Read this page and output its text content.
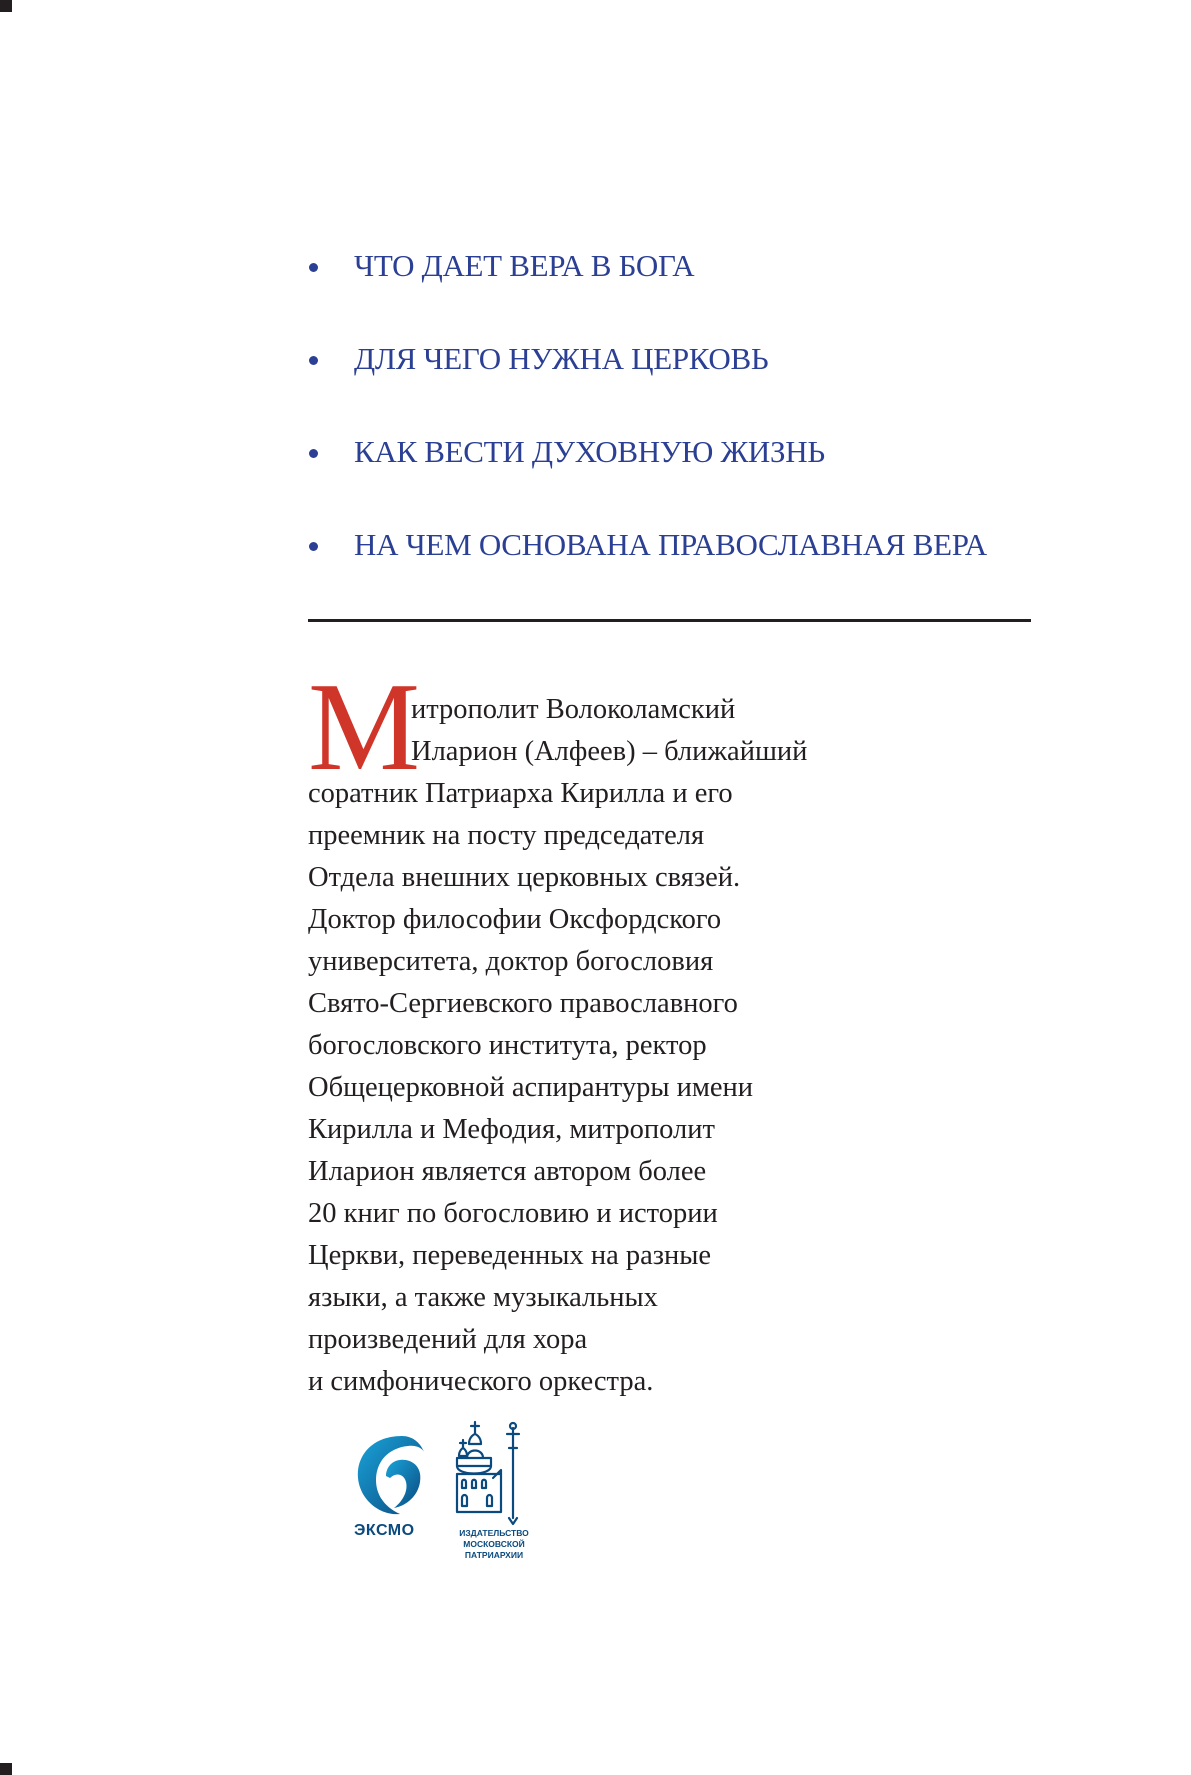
ЧТО ДАЕТ ВЕРА В БОГА
ДЛЯ ЧЕГО НУЖНА ЦЕРКОВЬ
КАК ВЕСТИ ДУХОВНУЮ ЖИЗНЬ
НА ЧЕМ ОСНОВАНА ПРАВОСЛАВНАЯ ВЕРА
М
итрополит Волоколамский
Иларион (Алфеев) – ближайший
соратник Патриарха Кирилла и его
преемник на посту председателя
Отдела внешних церковных связей.
Доктор философии Оксфордского
университета, доктор богословия
Свято-Сергиевского православного
богословского института, ректор
Общецерковной аспирантуры имени
Кирилла и Мефодия, митрополит
Иларион является автором более
20 книг по богословию и истории
Церкви, переведенных на разные
языки, а также музыкальных
произведений для хора
и симфонического оркестра.
ЭКСМО	ИЗДАТЕЛЬСТВО
МОСКОВСКОЙ
ПАТРИАРХИИ
